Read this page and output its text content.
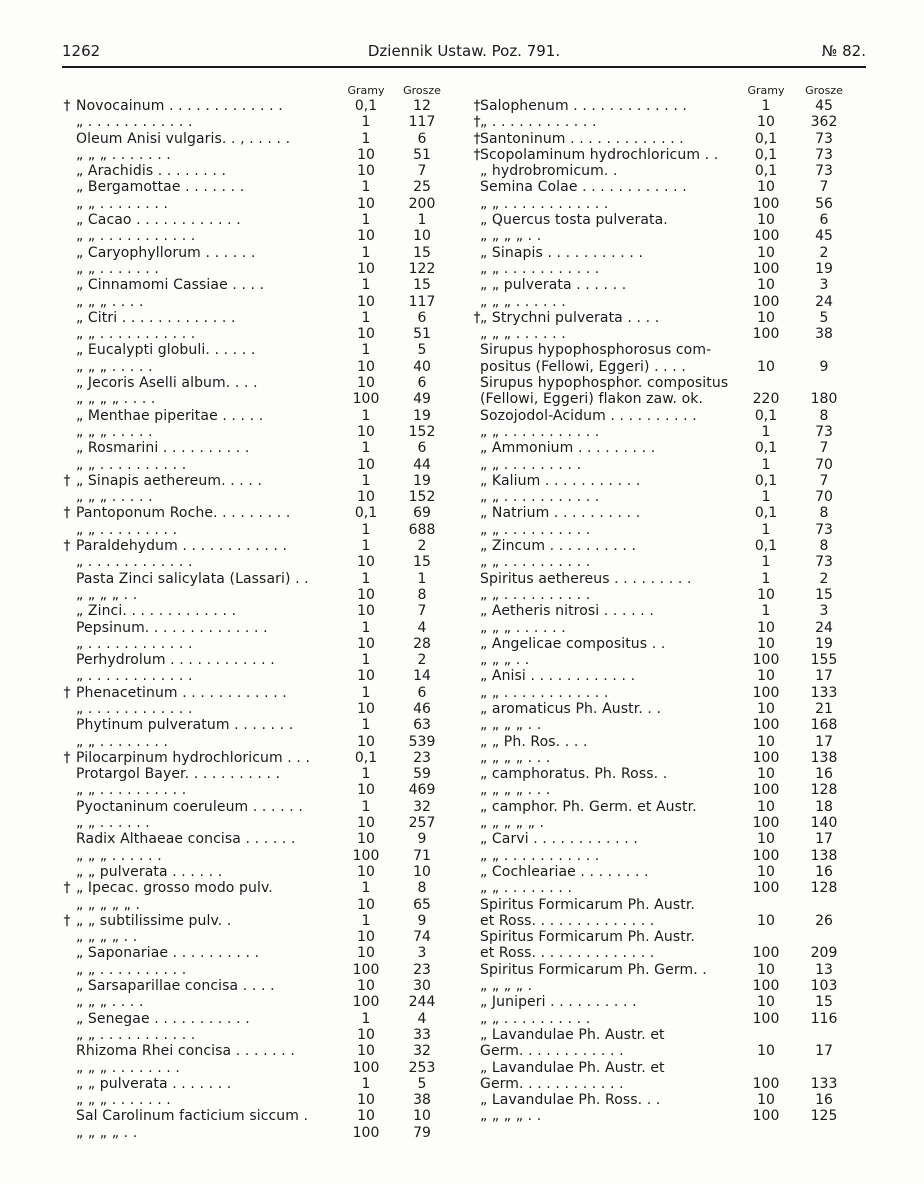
1262	Dziennik Ustaw. Poz. 791.	№ 82.
Gramy	Grosze
† Novocainum . . . . . . . . . . . . .	0,1	12
„ . . . . . . . . . . . .	1	117
Oleum Anisi vulgaris. . , . . . . .	1	6
„ „ „ . . . . . . .	10	51
„ Arachidis . . . . . . . .	10	7
„ Bergamottae . . . . . . .	1	25
„ „ . . . . . . . .	10	200
„ Cacao . . . . . . . . . . . .	1	1
„ „ . . . . . . . . . . .	10	10
„ Caryophyllorum . . . . . .	1	15
„ „ . . . . . . .	10	122
„ Cinnamomi Cassiae . . . .	1	15
„ „ „ . . . .	10	117
„ Citri . . . . . . . . . . . . .	1	6
„ „ . . . . . . . . . . .	10	51
„ Eucalypti globuli. . . . . .	1	5
„ „ „ . . . . .	10	40
„ Jecoris Aselli album. . . .	10	6
„ „ „ „ . . . .	100	49
„ Menthae piperitae . . . . .	1	19
„ „ „ . . . . .	10	152
„ Rosmarini . . . . . . . . . .	1	6
„ „ . . . . . . . . . .	10	44
† „ Sinapis aethereum. . . . .	1	19
„ „ „ . . . . .	10	152
† Pantoponum Roche. . . . . . . . .	0,1	69
„ „ . . . . . . . . .	1	688
† Paraldehydum . . . . . . . . . . . .	1	2
„ . . . . . . . . . . . .	10	15
Pasta Zinci salicylata (Lassari) . .	1	1
„ „ „ „ . .	10	8
„ Zinci. . . . . . . . . . . . .	10	7
Pepsinum. . . . . . . . . . . . . .	1	4
„ . . . . . . . . . . . .	10	28
Perhydrolum . . . . . . . . . . . .	1	2
„ . . . . . . . . . . . .	10	14
† Phenacetinum . . . . . . . . . . . .	1	6
„ . . . . . . . . . . . .	10	46
Phytinum pulveratum . . . . . . .	1	63
„ „ . . . . . . . .	10	539
† Pilocarpinum hydrochloricum . . .	0,1	23
Protargol Bayer. . . . . . . . . . .	1	59
„ „ . . . . . . . . . .	10	469
Pyoctaninum coeruleum . . . . . .	1	32
„ „ . . . . . .	10	257
Radix Althaeae concisa . . . . . .	10	9
„ „ „ . . . . . .	100	71
„ „ pulverata . . . . . .	10	10
† „ Ipecac. grosso modo pulv.	1	8
„ „ „ „ „ .	10	65
† „ „ subtilissime pulv. .	1	9
„ „ „ „ . .	10	74
„ Saponariae . . . . . . . . . .	10	3
„ „ . . . . . . . . . .	100	23
„ Sarsaparillae concisa . . . .	10	30
„ „ „ . . . .	100	244
„ Senegae . . . . . . . . . . .	1	4
„ „ . . . . . . . . . . .	10	33
Rhizoma Rhei concisa . . . . . . .	10	32
„ „ „ . . . . . . . .	100	253
„ „ pulverata . . . . . . .	1	5
„ „ „ . . . . . . .	10	38
Sal Carolinum facticium siccum .	10	10
„ „ „ „ . .	100	79
Gramy	Grosze
† Salophenum . . . . . . . . . . . . .	1	45
† „ . . . . . . . . . . . .	10	362
† Santoninum . . . . . . . . . . . . .	0,1	73
† Scopolaminum hydrochloricum . .	0,1	73
„ hydrobromicum. .	0,1	73
Semina Colae . . . . . . . . . . . .	10	7
„ „ . . . . . . . . . . . .	100	56
„ Quercus tosta pulverata.	10	6
„ „ „ „ . .	100	45
„ Sinapis . . . . . . . . . . .	10	2
„ „ . . . . . . . . . . .	100	19
„ „ pulverata . . . . . .	10	3
„ „ „ . . . . . .	100	24
† „ Strychni pulverata . . . .	10	5
„ „ „ . . . . . .	100	38
Sirupus hypophosphorosus com-
positus (Fellowi, Eggeri) . . . .	10	9
Sirupus hypophosphor. compositus
(Fellowi, Eggeri) flakon zaw. ok.	220	180
Sozojodol-Acidum . . . . . . . . . .	0,1	8
„ „ . . . . . . . . . . .	1	73
„ Ammonium . . . . . . . . .	0,1	7
„ „ . . . . . . . . .	1	70
„ Kalium . . . . . . . . . . .	0,1	7
„ „ . . . . . . . . . . .	1	70
„ Natrium . . . . . . . . . .	0,1	8
„ „ . . . . . . . . . .	1	73
„ Zincum . . . . . . . . . .	0,1	8
„ „ . . . . . . . . . .	1	73
Spiritus aethereus . . . . . . . . .	1	2
„ „ . . . . . . . . . .	10	15
„ Aetheris nitrosi . . . . . .	1	3
„ „ „ . . . . . .	10	24
„ Angelicae compositus . .	10	19
„ „ „ . .	100	155
„ Anisi . . . . . . . . . . . .	10	17
„ „ . . . . . . . . . . . .	100	133
„ aromaticus Ph. Austr. . .	10	21
„ „ „ „ . .	100	168
„ „ Ph. Ros. . . .	10	17
„ „ „ „ . . .	100	138
„ camphoratus. Ph. Ross. .	10	16
„ „ „ „ . . .	100	128
„ camphor. Ph. Germ. et Austr.	10	18
„ „ „ „ „ .	100	140
„ Carvi . . . . . . . . . . . .	10	17
„ „ . . . . . . . . . . .	100	138
„ Cochleariae . . . . . . . .	10	16
„ „ . . . . . . . .	100	128
Spiritus Formicarum Ph. Austr.
et Ross. . . . . . . . . . . . . .	10	26
Spiritus Formicarum Ph. Austr.
et Ross. . . . . . . . . . . . . .	100	209
Spiritus Formicarum Ph. Germ. .	10	13
„ „ „ „ .	100	103
„ Juniperi . . . . . . . . . .	10	15
„ „ . . . . . . . . . .	100	116
„ Lavandulae Ph. Austr. et
Germ. . . . . . . . . . . .	10	17
„ Lavandulae Ph. Austr. et
Germ. . . . . . . . . . . .	100	133
„ Lavandulae Ph. Ross. . .	10	16
„ „ „ „ . .	100	125
